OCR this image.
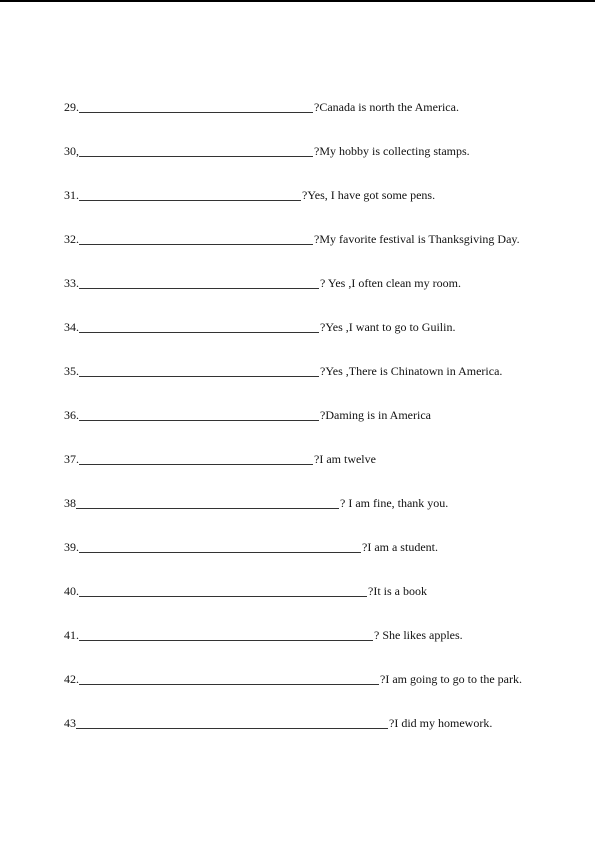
29.	?Canada is north the America.
30,	?My hobby is collecting stamps.
31.	?Yes, I have got some pens.
32.	?My favorite festival is Thanksgiving Day.
33.	? Yes ,I often clean my room.
34.	?Yes ,I want to go to Guilin.
35.	?Yes ,There is Chinatown in America.
36.	?Daming is in America
37.	?I am twelve
38	? I am fine, thank you.
39.	?I am a student.
40.	?It is a book
41.	? She likes apples.
42.	?I am going to go to the park.
43	?I did my homework.
